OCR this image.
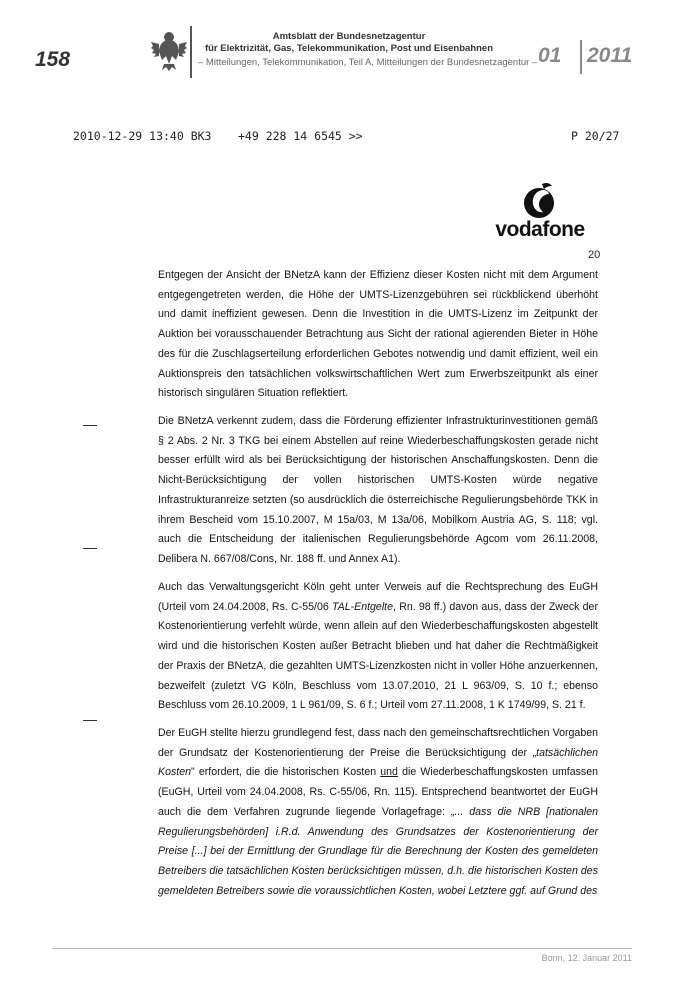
158
Amtsblatt der Bundesnetzagentur
für Elektrizität, Gas, Telekommunikation, Post und Eisenbahnen
– Mitteilungen, Telekommunikation, Teil A, Mitteilungen der Bundesnetzagentur – 01 2011
2010-12-29 13:40 BK3 +49 228 14 6545 >>	P 20/27
vodafone
20
Entgegen der Ansicht der BNetzA kann der Effizienz dieser Kosten nicht mit dem Argument entgegengetreten werden, die Höhe der UMTS-Lizenzgebühren sei rückblickend überhöht und damit ineffizient gewesen. Denn die Investition in die UMTS-Lizenz im Zeitpunkt der Auktion bei vorausschauender Betrachtung aus Sicht der rational agierenden Bieter in Höhe des für die Zuschlagserteilung erforderlichen Gebotes notwendig und damit effizient, weil ein Auktionspreis den tatsächlichen volkswirtschaftlichen Wert zum Erwerbszeitpunkt als einer historisch singulären Situation reflektiert.
Die BNetzA verkennt zudem, dass die Förderung effizienter Infrastrukturinvestitionen gemäß § 2 Abs. 2 Nr. 3 TKG bei einem Abstellen auf reine Wiederbeschaffungskosten gerade nicht besser erfüllt wird als bei Berücksichtigung der historischen Anschaffungskosten. Denn die Nicht-Berücksichtigung der vollen historischen UMTS-Kosten würde negative Infrastrukturanreize setzten (so ausdrücklich die österreichische Regulierungsbehörde TKK in ihrem Bescheid vom 15.10.2007, M 15a/03, M 13a/06, Mobilkom Austria AG, S. 118; vgl. auch die Entscheidung der italienischen Regulierungsbehörde Agcom vom 26.11.2008, Delibera N. 667/08/Cons, Nr. 188 ff. und Annex A1).
Auch das Verwaltungsgericht Köln geht unter Verweis auf die Rechtsprechung des EuGH (Urteil vom 24.04.2008, Rs. C-55/06 TAL-Entgelte, Rn. 98 ff.) davon aus, dass der Zweck der Kostenorientierung verfehlt würde, wenn allein auf den Wiederbeschaffungskosten abgestellt wird und die historischen Kosten außer Betracht blieben und hat daher die Rechtmäßigkeit der Praxis der BNetzA, die gezahlten UMTS-Lizenzkosten nicht in voller Höhe anzuerkennen, bezweifelt (zuletzt VG Köln, Beschluss vom 13.07.2010, 21 L 963/09, S. 10 f.; ebenso Beschluss vom 26.10.2009, 1 L 961/09, S. 6 f.; Urteil vom 27.11.2008, 1 K 1749/99, S. 21 f.
Der EuGH stellte hierzu grundlegend fest, dass nach den gemeinschaftsrechtlichen Vorgaben der Grundsatz der Kostenorientierung der Preise die Berücksichtigung der „tatsächlichen Kosten" erfordert, die die historischen Kosten und die Wiederbeschaffungskosten umfassen (EuGH, Urteil vom 24.04.2008, Rs. C-55/06, Rn. 115). Entsprechend beantwortet der EuGH auch die dem Verfahren zugrunde liegende Vorlagefrage: „... dass die NRB [nationalen Regulierungsbehörden] i.R.d. Anwendung des Grundsatzes der Kostenorientierung der Preise [...] bei der Ermittlung der Grundlage für die Berechnung der Kosten des gemeldeten Betreibers die tatsächlichen Kosten berücksichtigen müssen, d.h. die historischen Kosten des gemeldeten Betreibers sowie die voraussichtlichen Kosten, wobei Letztere ggf. auf Grund des
Bonn, 12. Januar 2011
